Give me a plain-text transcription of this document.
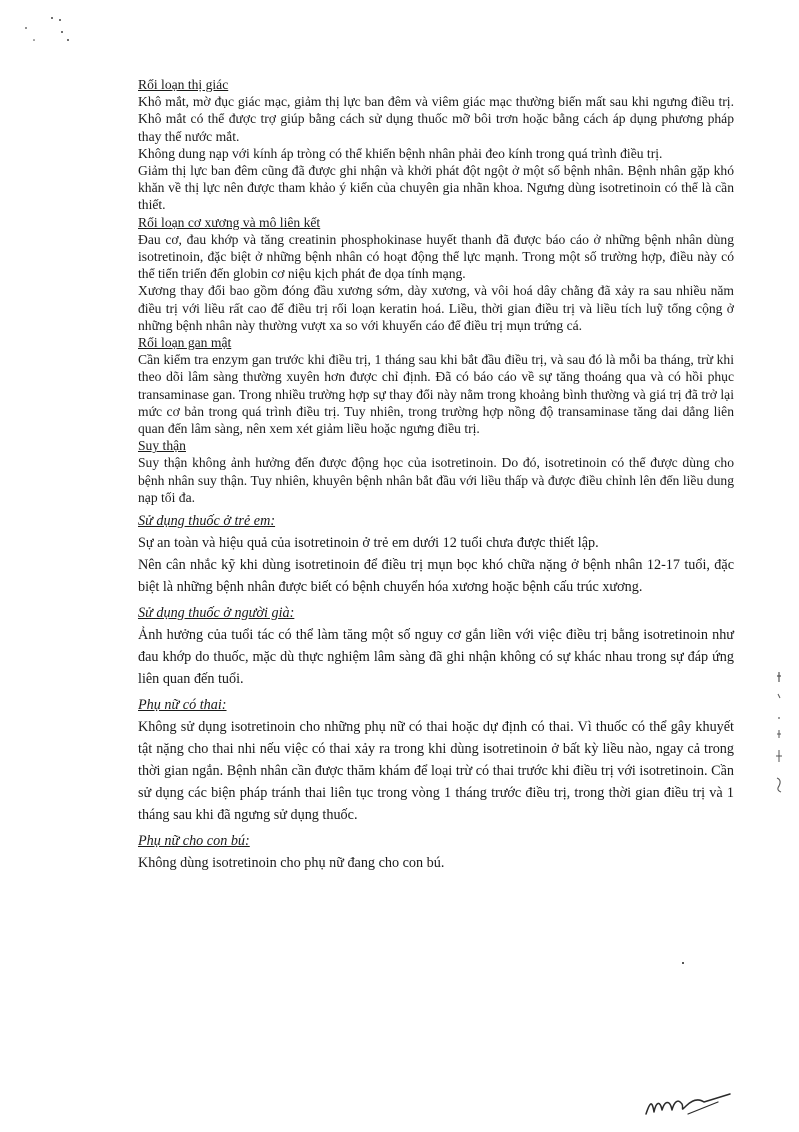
Rối loạn thị giác

Khô mắt, mờ đục giác mạc, giảm thị lực ban đêm và viêm giác mạc thường biến mất sau khi ngưng điều trị. Khô mắt có thể được trợ giúp bằng cách sử dụng thuốc mỡ bôi trơn hoặc bằng cách áp dụng phương pháp thay thế nước mắt.

Không dung nạp với kính áp tròng có thể khiến bệnh nhân phải đeo kính trong quá trình điều trị.

Giảm thị lực ban đêm cũng đã được ghi nhận và khởi phát đột ngột ở một số bệnh nhân. Bệnh nhân gặp khó khăn về thị lực nên được tham khảo ý kiến của chuyên gia nhãn khoa. Ngưng dùng isotretinoin có thể là cần thiết.

Rối loạn cơ xương và mô liên kết

Đau cơ, đau khớp và tăng creatinin phosphokinase huyết thanh đã được báo cáo ở những bệnh nhân dùng isotretinoin, đặc biệt ở những bệnh nhân có hoạt động thể lực mạnh. Trong một số trường hợp, điều này có thể tiến triển đến globin cơ niệu kịch phát đe dọa tính mạng.

Xương thay đổi bao gồm đóng đầu xương sớm, dày xương, và vôi hoá dây chằng đã xảy ra sau nhiều năm điều trị với liều rất cao để điều trị rối loạn keratin hoá. Liều, thời gian điều trị và liều tích luỹ tổng cộng ở những bệnh nhân này thường vượt xa so với khuyến cáo để điều trị mụn trứng cá.

Rối loạn gan mật

Cần kiểm tra enzym gan trước khi điều trị, 1 tháng sau khi bắt đầu điều trị, và sau đó là mỗi ba tháng, trừ khi theo dõi lâm sàng thường xuyên hơn được chỉ định. Đã có báo cáo về sự tăng thoáng qua và có hồi phục transaminase gan. Trong nhiều trường hợp sự thay đổi này nằm trong khoảng bình thường và giá trị đã trở lại mức cơ bản trong quá trình điều trị. Tuy nhiên, trong trường hợp nồng độ transaminase tăng dai dẳng liên quan đến lâm sàng, nên xem xét giảm liều hoặc ngưng điều trị.

Suy thận

Suy thận không ảnh hưởng đến được động học của isotretinoin. Do đó, isotretinoin có thể được dùng cho bệnh nhân suy thận. Tuy nhiên, khuyên bệnh nhân bắt đầu với liều thấp và được điều chỉnh lên đến liều dung nạp tối đa.

Sử dụng thuốc ở trẻ em:

Sự an toàn và hiệu quả của isotretinoin ở trẻ em dưới 12 tuổi chưa được thiết lập.

Nên cân nhắc kỹ khi dùng isotretinoin để điều trị mụn bọc khó chữa nặng ở bệnh nhân 12-17 tuổi, đặc biệt là những bệnh nhân được biết có bệnh chuyển hóa xương hoặc bệnh cấu trúc xương.

Sử dụng thuốc ở người già:

Ảnh hưởng của tuổi tác có thể làm tăng một số nguy cơ gắn liền với việc điều trị bằng isotretinoin như đau khớp do thuốc, mặc dù thực nghiệm lâm sàng đã ghi nhận không có sự khác nhau trong sự đáp ứng liên quan đến tuổi.

Phụ nữ có thai:

Không sử dụng isotretinoin cho những phụ nữ có thai hoặc dự định có thai. Vì thuốc có thể gây khuyết tật nặng cho thai nhi nếu việc có thai xảy ra trong khi dùng isotretinoin ở bất kỳ liều nào, ngay cả trong thời gian ngắn. Bệnh nhân cần được thăm khám để loại trừ có thai trước khi điều trị với isotretinoin. Cần sử dụng các biện pháp tránh thai liên tục trong vòng 1 tháng trước điều trị, trong thời gian điều trị và 1 tháng sau khi đã ngưng sử dụng thuốc.

Phụ nữ cho con bú:

Không dùng isotretinoin cho phụ nữ đang cho con bú.
